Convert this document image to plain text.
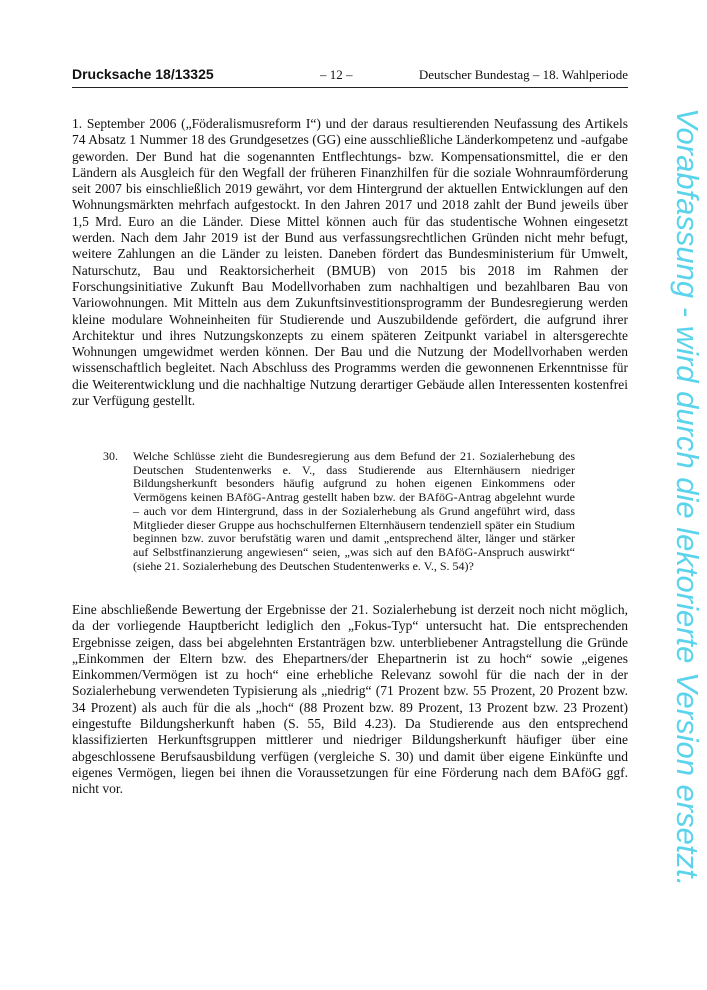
Drucksache 18/13325	– 12 –	Deutscher Bundestag – 18. Wahlperiode

1. September 2006 („Föderalismusreform I“) und der daraus resultierenden Neufassung des Artikels 74 Absatz 1 Nummer 18 des Grundgesetzes (GG) eine ausschließliche Länderkompetenz und -aufgabe geworden. Der Bund hat die sogenannten Entflechtungs- bzw. Kompensationsmittel, die er den Ländern als Ausgleich für den Wegfall der früheren Finanzhilfen für die soziale Wohnraumförderung seit 2007 bis einschließlich 2019 gewährt, vor dem Hintergrund der aktuellen Entwicklungen auf den Wohnungsmärkten mehrfach aufgestockt. In den Jahren 2017 und 2018 zahlt der Bund jeweils über 1,5 Mrd. Euro an die Länder. Diese Mittel können auch für das studentische Wohnen eingesetzt werden. Nach dem Jahr 2019 ist der Bund aus verfassungsrechtlichen Gründen nicht mehr befugt, weitere Zahlungen an die Länder zu leisten. Daneben fördert das Bundesministerium für Umwelt, Naturschutz, Bau und Reaktorsicherheit (BMUB) von 2015 bis 2018 im Rahmen der Forschungsinitiative Zukunft Bau Modellvorhaben zum nachhaltigen und bezahlbaren Bau von Variowohnungen. Mit Mitteln aus dem Zukunftsinvestitionsprogramm der Bundesregierung werden kleine modulare Wohneinheiten für Studierende und Auszubildende gefördert, die aufgrund ihrer Architektur und ihres Nutzungskonzepts zu einem späteren Zeitpunkt variabel in altersgerechte Wohnungen umgewidmet werden können. Der Bau und die Nutzung der Modellvorhaben werden wissenschaftlich begleitet. Nach Abschluss des Programms werden die gewonnenen Erkenntnisse für die Weiterentwicklung und die nachhaltige Nutzung derartiger Gebäude allen Interessenten kostenfrei zur Verfügung gestellt.

30. Welche Schlüsse zieht die Bundesregierung aus dem Befund der 21. Sozialerhebung des Deutschen Studentenwerks e. V., dass Studierende aus Elternhäusern niedriger Bildungsherkunft besonders häufig aufgrund zu hohen eigenen Einkommens oder Vermögens keinen BAföG-Antrag gestellt haben bzw. der BAföG-Antrag abgelehnt wurde – auch vor dem Hintergrund, dass in der Sozialerhebung als Grund angeführt wird, dass Mitglieder dieser Gruppe aus hochschulfernen Elternhäusern tendenziell später ein Studium beginnen bzw. zuvor berufstätig waren und damit „entsprechend älter, länger und stärker auf Selbstfinanzierung angewiesen“ seien, „was sich auf den BAföG-Anspruch auswirkt“ (siehe 21. Sozialerhebung des Deutschen Studentenwerks e. V., S. 54)?

Eine abschließende Bewertung der Ergebnisse der 21. Sozialerhebung ist derzeit noch nicht möglich, da der vorliegende Hauptbericht lediglich den „Fokus-Typ“ untersucht hat. Die entsprechenden Ergebnisse zeigen, dass bei abgelehnten Erstanträgen bzw. unterbliebener Antragstellung die Gründe „Einkommen der Eltern bzw. des Ehepartners/der Ehepartnerin ist zu hoch“ sowie „eigenes Einkommen/Vermögen ist zu hoch“ eine erhebliche Relevanz sowohl für die nach der in der Sozialerhebung verwendeten Typisierung als „niedrig“ (71 Prozent bzw. 55 Prozent, 20 Prozent bzw. 34 Prozent) als auch für die als „hoch“ (88 Prozent bzw. 89 Prozent, 13 Prozent bzw. 23 Prozent) eingestufte Bildungsherkunft haben (S. 55, Bild 4.23). Da Studierende aus den entsprechend klassifizierten Herkunftsgruppen mittlerer und niedriger Bildungsherkunft häufiger über eine abgeschlossene Berufsausbildung verfügen (vergleiche S. 30) und damit über eigene Einkünfte und eigenes Vermögen, liegen bei ihnen die Voraussetzungen für eine Förderung nach dem BAföG ggf. nicht vor.	Vorabfassung - wird durch die lektorierte Version ersetzt.
